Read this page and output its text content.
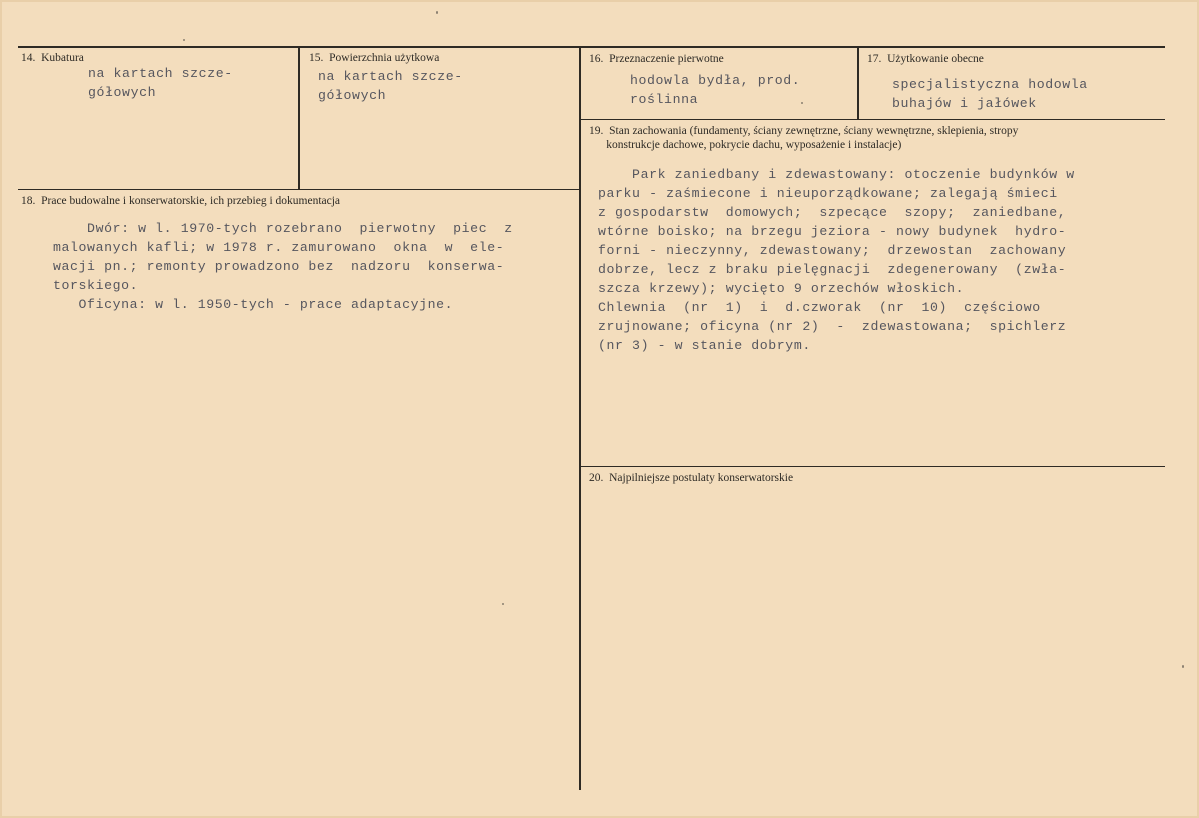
14.  Kubatura
na kartach szcze-
gółowych
15.  Powierzchnia użytkowa
na kartach szcze-
gółowych
16.  Przeznaczenie pierwotne
hodowla bydła, prod.
roślinna
17.  Użytkowanie obecne
specjalistyczna hodowla
buhajów i jałówek
18.  Prace budowalne i konserwatorskie, ich przebieg i dokumentacja
Dwór: w l. 1970-tych rozebrano  pierwotny  piec  z
malowanych kafli; w 1978 r. zamurowano  okna  w  ele-
wacji pn.; remonty prowadzono bez  nadzoru  konserwa-
torskiego.
Oficyna: w l. 1950-tych - prace adaptacyjne.
19.  Stan zachowania (fundamenty, ściany zewnętrzne, ściany wewnętrzne, sklepienia, stropy
konstrukcje dachowe, pokrycie dachu, wyposażenie i instalacje)
Park zaniedbany i zdewastowany: otoczenie budynków w
parku - zaśmiecone i nieuporządkowane; zalegają śmieci
z gospodarstw  domowych;  szpecące  szopy;  zaniedbane,
wtórne boisko; na brzegu jeziora - nowy budynek  hydro-
forni - nieczynny, zdewastowany;  drzewostan  zachowany
dobrze, lecz z braku pielęgnacji  zdegenerowany  (zwła-
szcza krzewy); wycięto 9 orzechów włoskich.
Chlewnia  (nr  1)  i  d.czworak  (nr  10)  częściowo
zrujnowane; oficyna (nr 2)  -  zdewastowana;  spichlerz
(nr 3) - w stanie dobrym.
20.  Najpilniejsze postulaty konserwatorskie
